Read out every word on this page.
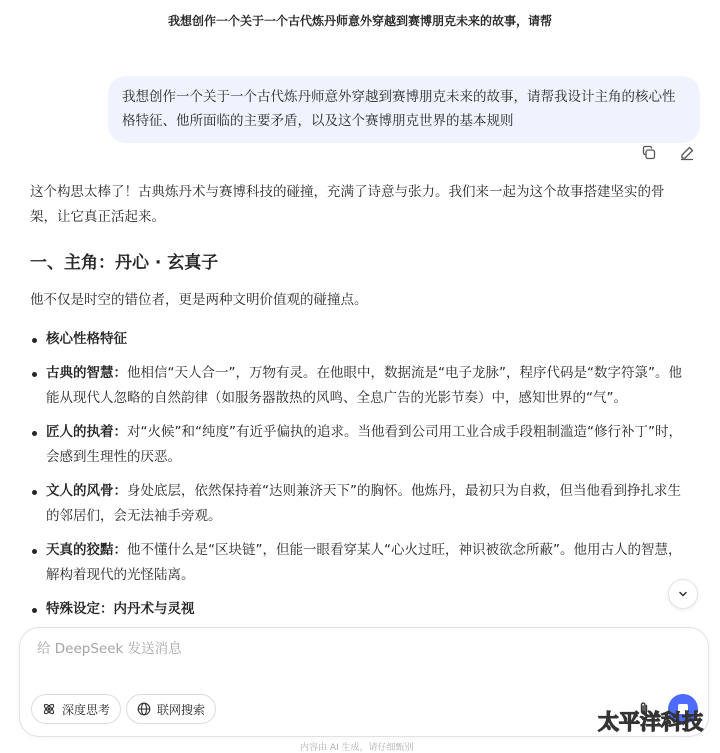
我想创作一个关于一个古代炼丹师意外穿越到赛博朋克未来的故事，请帮
我想创作一个关于一个古代炼丹师意外穿越到赛博朋克未来的故事，请帮我设计主角的核心性格特征、他所面临的主要矛盾，以及这个赛博朋克世界的基本规则

这个构思太棒了！古典炼丹术与赛博科技的碰撞，充满了诗意与张力。我们来一起为这个故事搭建坚实的骨架，让它真正活起来。

一、主角：丹心 · 玄真子

他不仅是时空的错位者，更是两种文明价值观的碰撞点。

核心性格特征
古典的智慧：他相信“天人合一”，万物有灵。在他眼中，数据流是“电子龙脉”，程序代码是“数字符箓”。他能从现代人忽略的自然韵律（如服务器散热的风鸣、全息广告的光影节奏）中，感知世界的“气”。
匠人的执着：对“火候”和“纯度”有近乎偏执的追求。当他看到公司用工业合成手段粗制滥造“修行补丁”时，会感到生理性的厌恶。
文人的风骨：身处底层，依然保持着“达则兼济天下”的胸怀。他炼丹，最初只为自救，但当他看到挣扎求生的邻居们，会无法袖手旁观。
天真的狡黠：他不懂什么是“区块链”，但能一眼看穿某人“心火过旺，神识被欲念所蔽”。他用古人的智慧，解构着现代的光怪陆离。
特殊设定：内丹术与灵视
给 DeepSeek 发送消息
深度思考	联网搜索
太平洋科技
内容由 AI 生成，请仔细甄别
